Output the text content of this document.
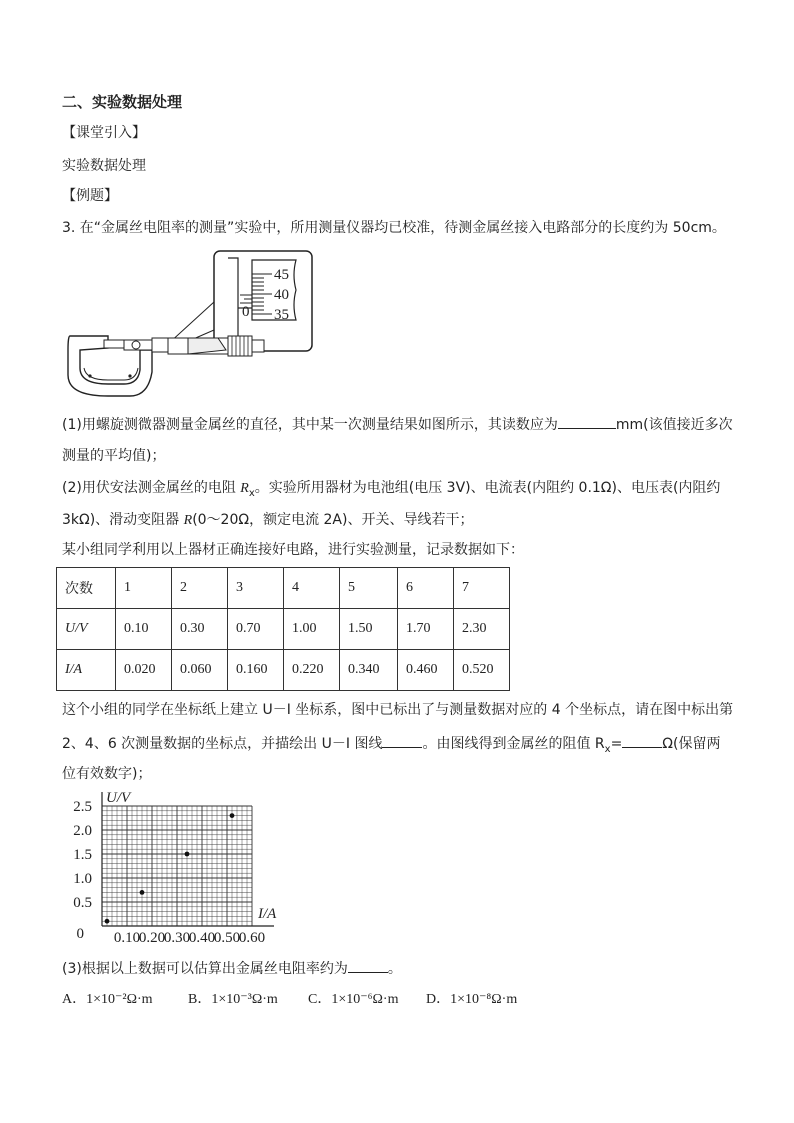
二、实验数据处理
【课堂引入】
实验数据处理
【例题】
3. 在“金属丝电阻率的测量”实验中，所用测量仪器均已校准，待测金属丝接入电路部分的长度约为 50cm。
45
40
35
0
(1)用螺旋测微器测量金属丝的直径，其中某一次测量结果如图所示，其读数应为	mm(该值接近多次
测量的平均值)；
(2)用伏安法测金属丝的电阻 $R_x$。实验所用器材为电池组(电压 3V)、电流表(内阻约 0.1Ω)、电压表(内阻约
3kΩ)、滑动变阻器 R(0～20Ω，额定电流 2A)、开关、导线若干；
某小组同学利用以上器材正确连接好电路，进行实验测量，记录数据如下：
次数	1	2	3	4	5	6	7
U/V	0.10	0.30	0.70	1.00	1.50	1.70	2.30
I/A	0.020	0.060	0.160	0.220	0.340	0.460	0.520
这个小组的同学在坐标纸上建立 U－I 坐标系，图中已标出了与测量数据对应的 4 个坐标点，请在图中标出第
2、4、6 次测量数据的坐标点，并描绘出 U－I 图线	。由图线得到金属丝的阻值 $R_x=$	Ω(保留两
位有效数字)；
0.10
0.20
0.30
0.40
0.50
0.60
2.5
2.0
1.5
1.0
0.5
0
U/V
I/A
(3)根据以上数据可以估算出金属丝电阻率约为	。
A．1×10⁻²Ω·m	B．1×10⁻³Ω·m C．1×10⁻⁶Ω·m D．1×10⁻⁸Ω·m
